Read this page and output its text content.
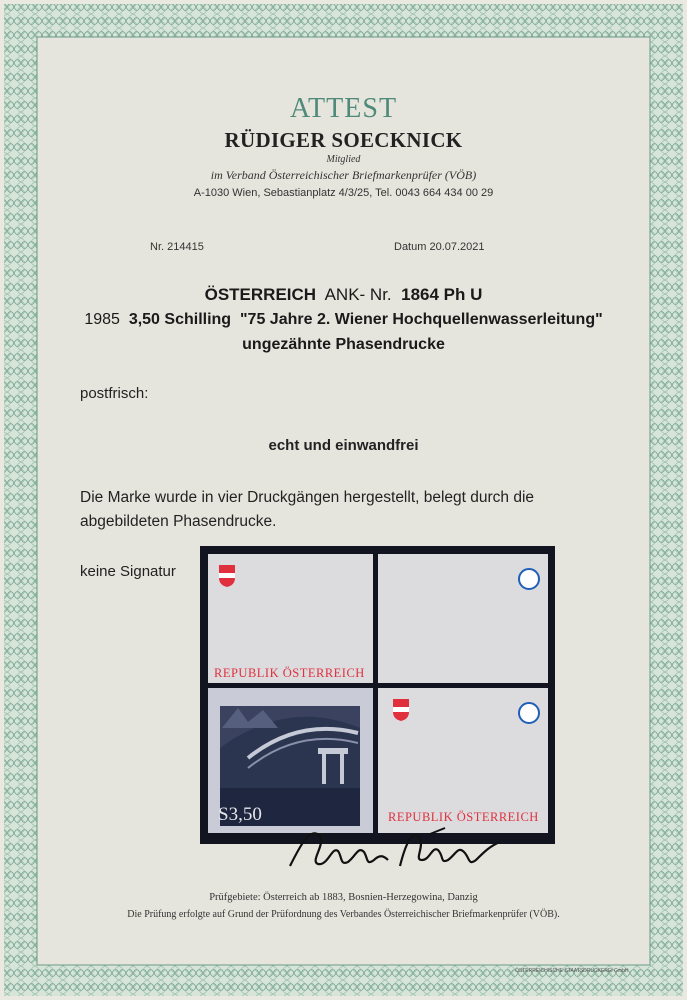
ATTEST
RÜDIGER SOECKNICK
Mitglied
im Verband Österreichischer Briefmarkenprüfer (VÖB)
A-1030 Wien, Sebastianplatz 4/3/25, Tel. 0043 664 434 00 29
Nr. 214415	Datum 20.07.2021
ÖSTERREICH ANK- Nr. 1864 Ph U
1985 3,50 Schilling "75 Jahre 2. Wiener Hochquellenwasserleitung"
ungezähnte Phasendrucke
postfrisch:
echt und einwandfrei
Die Marke wurde in vier Druckgängen hergestellt, belegt durch die abgebildeten Phasendrucke.
keine Signatur
REPUBLIK ÖSTERREICH
S3,50	REPUBLIK ÖSTERREICH
Prüfgebiete: Österreich ab 1883, Bosnien-Herzegowina, Danzig
Die Prüfung erfolgte auf Grund der Prüfordnung des Verbandes Österreichischer Briefmarkenprüfer (VÖB).
ÖSTERREICHISCHE STAATSDRUCKEREI GmbH
